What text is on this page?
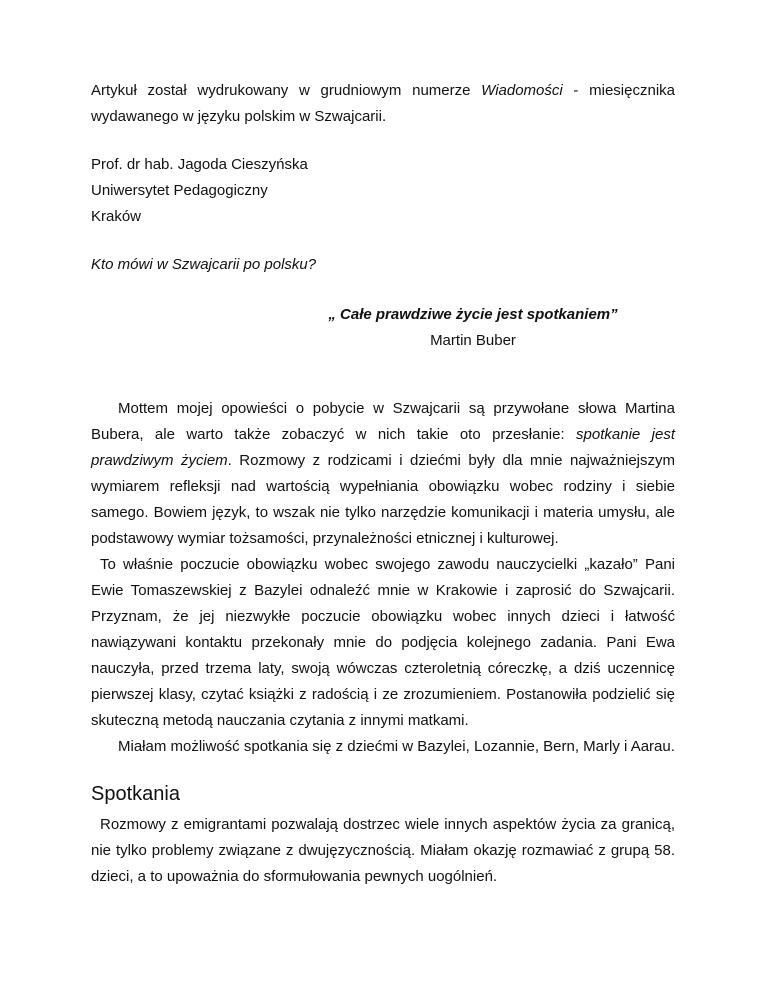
Artykuł został wydrukowany w grudniowym numerze Wiadomości - miesięcznika wydawanego w języku polskim w Szwajcarii.

Prof. dr hab. Jagoda Cieszyńska
Uniwersytet Pedagogiczny
Kraków

Kto mówi w Szwajcarii po polsku?

„ Całe prawdziwe życie jest spotkaniem”
Martin Buber

Mottem mojej opowieści o pobycie w Szwajcarii są przywołane słowa Martina Bubera, ale warto także zobaczyć w nich takie oto przesłanie: spotkanie jest prawdziwym życiem. Rozmowy z rodzicami i dziećmi były dla mnie najważniejszym wymiarem refleksji nad wartością wypełniania obowiązku wobec rodziny i siebie samego. Bowiem język, to wszak nie tylko narzędzie komunikacji i materia umysłu, ale podstawowy wymiar tożsamości, przynależności etnicznej i kulturowej.

To właśnie poczucie obowiązku wobec swojego zawodu nauczycielki „kazało” Pani Ewie Tomaszewskiej z Bazylei odnaleźć mnie w Krakowie i zaprosić do Szwajcarii. Przyznam, że jej niezwykłe poczucie obowiązku wobec innych dzieci i łatwość nawiązywani kontaktu przekonały mnie do podjęcia kolejnego zadania. Pani Ewa nauczyła, przed trzema laty, swoją wówczas czteroletnią córeczkę, a dziś uczennicę pierwszej klasy, czytać książki z radością i ze zrozumieniem. Postanowiła podzielić się skuteczną metodą nauczania czytania z innymi matkami.

Miałam możliwość spotkania się z dziećmi w Bazylei, Lozannie, Bern, Marly i Aarau.

Spotkania

Rozmowy z emigrantami pozwalają dostrzec wiele innych aspektów życia za granicą, nie tylko problemy związane z dwujęzycznością. Miałam okazję rozmawiać z grupą 58. dzieci, a to upoważnia do sformułowania pewnych uogólnień.
